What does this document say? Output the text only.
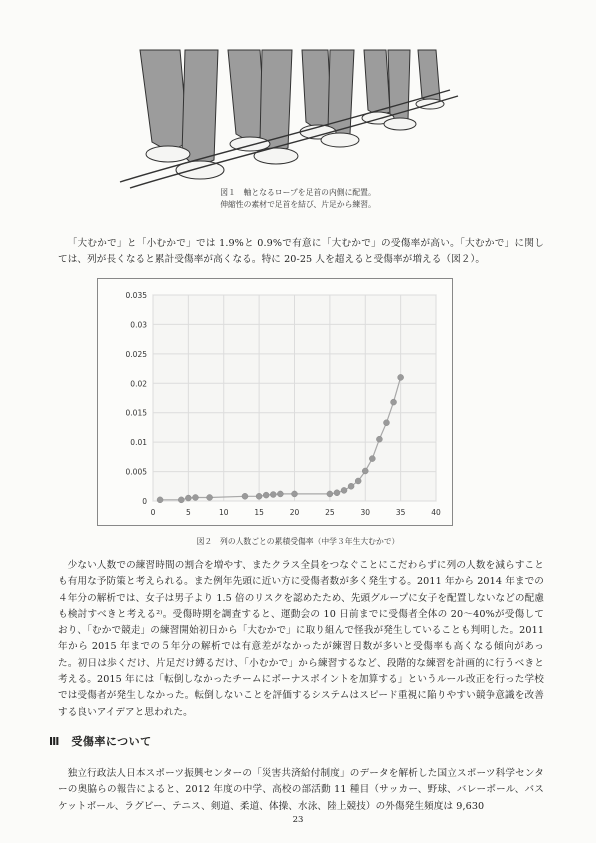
図１　軸となるロープを足首の内側に配置。
伸縮性の素材で足首を結び、片足から練習。

「大むかで」と「小むかで」では 1.9%と 0.9%で有意に「大むかで」の受傷率が高い。「大むかで」に関しては、列が長くなると累計受傷率が高くなる。特に 20-25 人を超えると受傷率が増える（図２）。

0
0.005
0.01
0.015
0.02
0.025
0.03
0.035
0	5	10	15	20	25	30	35	40
図２　列の人数ごとの累積受傷率（中学３年生大むかで）

少ない人数での練習時間の割合を増やす、またクラス全員をつなぐことにこだわらずに列の人数を減らすことも有用な予防策と考えられる。また例年先頭に近い方に受傷者数が多く発生する。2011 年から 2014 年までの４年分の解析では、女子は男子より 1.5 倍のリスクを認めたため、先頭グループに女子を配置しないなどの配慮も検討すべきと考える²⁾。受傷時期を調査すると、運動会の 10 日前までに受傷者全体の 20〜40%が受傷しており、「むかで競走」の練習開始初日から「大むかで」に取り組んで怪我が発生していることも判明した。2011 年から 2015 年までの５年分の解析では有意差がなかったが練習日数が多いと受傷率も高くなる傾向があった。初日は歩くだけ、片足だけ縛るだけ、「小むかで」から練習するなど、段階的な練習を計画的に行うべきと考える。2015 年には「転倒しなかったチームにボーナスポイントを加算する」というルール改正を行った学校では受傷者が発生しなかった。転倒しないことを評価するシステムはスピード重視に陥りやすい競争意識を改善する良いアイデアと思われた。

Ⅲ　受傷率について

独立行政法人日本スポーツ振興センターの「災害共済給付制度」のデータを解析した国立スポーツ科学センターの奥脇らの報告によると、2012 年度の中学、高校の部活動 11 種目（サッカー、野球、バレーボール、バスケットボール、ラグビー、テニス、剣道、柔道、体操、水泳、陸上競技）の外傷発生頻度は 9,630

23
